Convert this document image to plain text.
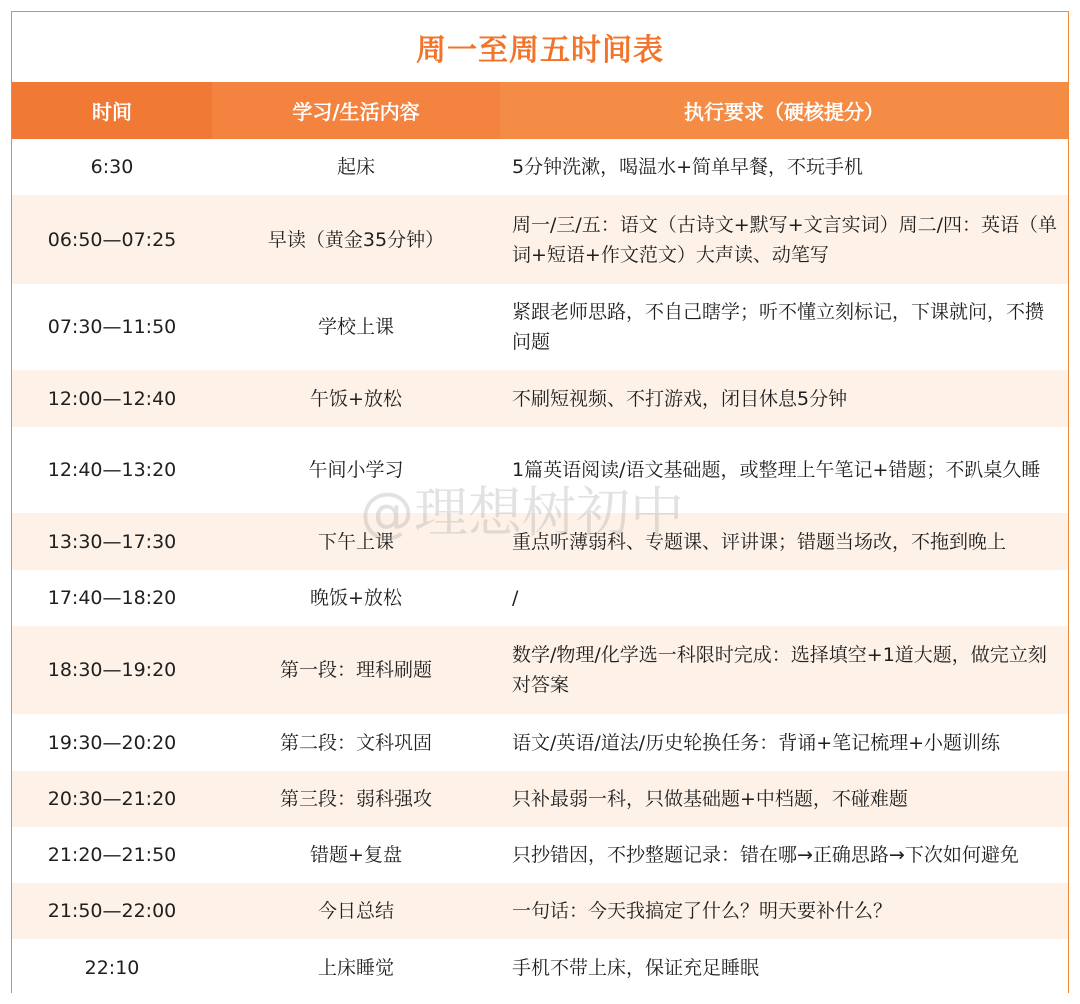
周一至周五时间表
时间	学习/生活内容	执行要求（硬核提分）
6:30	起床	5分钟洗漱，喝温水+简单早餐，不玩手机
06:50—07:25	早读（黄金35分钟）	周一/三/五：语文（古诗文+默写+文言实词）周二/四：英语（单词+短语+作文范文）大声读、动笔写
07:30—11:50	学校上课	紧跟老师思路，不自己瞎学；听不懂立刻标记，下课就问，不攒问题
12:00—12:40	午饭+放松	不刷短视频、不打游戏，闭目休息5分钟
12:40—13:20	午间小学习	1篇英语阅读/语文基础题，或整理上午笔记+错题；不趴桌久睡
13:30—17:30	下午上课	重点听薄弱科、专题课、评讲课；错题当场改，不拖到晚上
17:40—18:20	晚饭+放松	/
18:30—19:20	第一段：理科刷题	数学/物理/化学选一科限时完成：选择填空+1道大题，做完立刻对答案
19:30—20:20	第二段：文科巩固	语文/英语/道法/历史轮换任务：背诵+笔记梳理+小题训练
20:30—21:20	第三段：弱科强攻	只补最弱一科，只做基础题+中档题，不碰难题
21:20—21:50	错题+复盘	只抄错因，不抄整题记录：错在哪→正确思路→下次如何避免
21:50—22:00	今日总结	一句话：今天我搞定了什么？明天要补什么？
22:10	上床睡觉	手机不带上床，保证充足睡眠
@理想树初中
